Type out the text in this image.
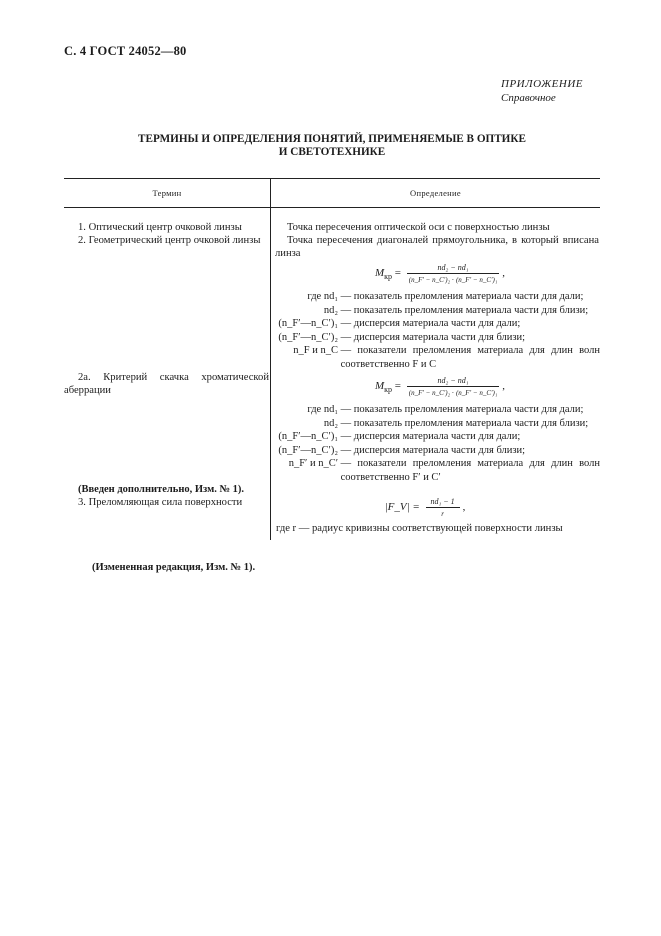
С. 4 ГОСТ 24052—80
ПРИЛОЖЕНИЕ
Справочное
ТЕРМИНЫ И ОПРЕДЕЛЕНИЯ ПОНЯТИЙ, ПРИМЕНЯЕМЫЕ В ОПТИКЕ
И СВЕТОТЕХНИКЕ
Термин	Определение
1. Оптический центр очковой линзы	Точка пересечения оптической оси с поверхностью линзы
2. Геометрический центр очковой линзы	Точка пересечения диагоналей прямоугольника, в который вписана линза
$M_{кр} = \frac{\text{nd₂ − nd₁}}{\text{(n\_F′ − n\_C′)₂ ⋅ (n\_F′ − n\_C′)₁}}$ ,
где nd₁ — показатель преломления материала части для дали;
nd₂ — показатель преломления материала части для близи;
(n_F′—n_C′)₁ — дисперсия материала части для дали;
(n_F′—n_C′)₂ — дисперсия материала части для близи;
n_F и n_C
— показатели преломления материала для длин волн соответственно F и C
2а. Критерий скачка хроматической аберрации	$M_{кр} = \frac{\text{nd₂ − nd₁}}{\text{(n\_F′ − n\_C′)₂ ⋅ (n\_F′ − n\_C′)₁}}$ ,
где nd₁ — показатель преломления материала части для дали;
nd₂ — показатель преломления материала части для близи;
(n_F′—n_C′)₁ — дисперсия материала части для дали;
(n_F′—n_C′)₂ — дисперсия материала части для близи;
n_F′ и n_C′
— показатели преломления материала для длин волн соответственно F′ и C′
(Введен дополнительно, Изм. № 1).
3. Преломляющая сила поверхности	|F_V| = $\frac{\text{nd₁ − 1}}{r}$ ,
где r — радиус кривизны соответствующей поверхности линзы
(Измененная редакция, Изм. № 1).
